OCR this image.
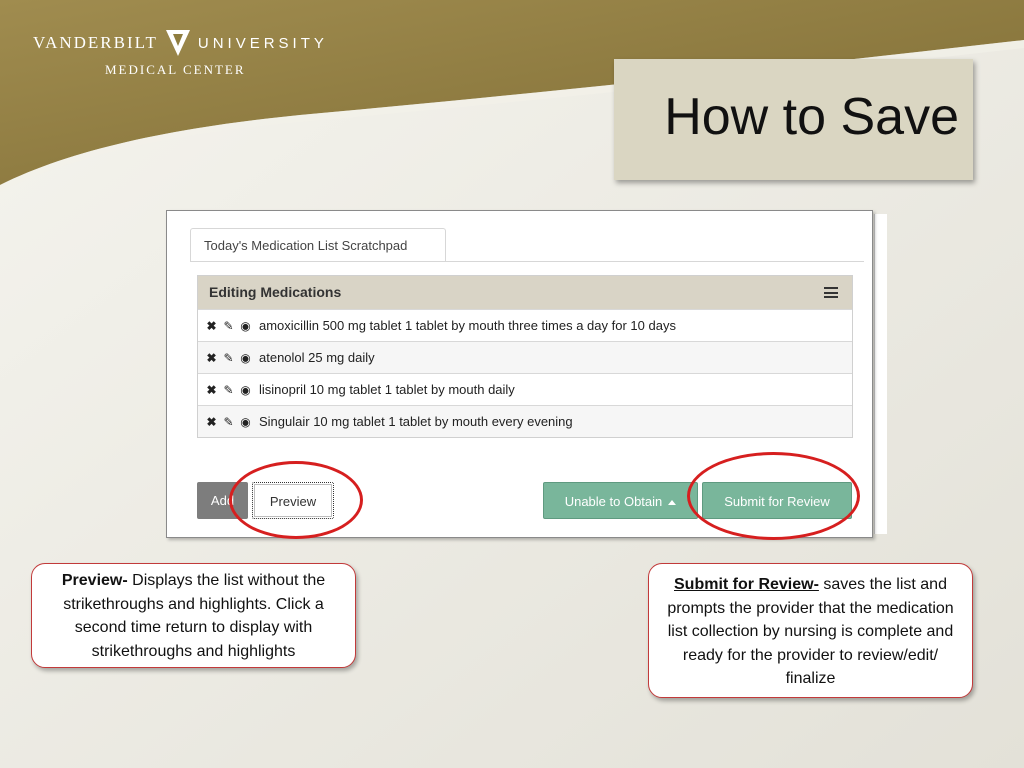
VANDERBILT	UNIVERSITY
MEDICAL CENTER
How to Save
Today's Medication List Scratchpad
Editing Medications
✖ ✎ ◉ amoxicillin 500 mg tablet 1 tablet by mouth three times a day for 10 days
✖ ✎ ◉ atenolol 25 mg daily
✖ ✎ ◉ lisinopril 10 mg tablet 1 tablet by mouth daily
✖ ✎ ◉ Singulair 10 mg tablet 1 tablet by mouth every evening
Add	Preview	Unable to Obtain	Submit for Review
Preview- Displays the list without the strikethroughs and highlights. Click a second time return to display with strikethroughs and highlights
Submit for Review- saves the list and prompts the provider that the medication list collection by nursing is complete and ready for the provider to review/edit/ finalize
